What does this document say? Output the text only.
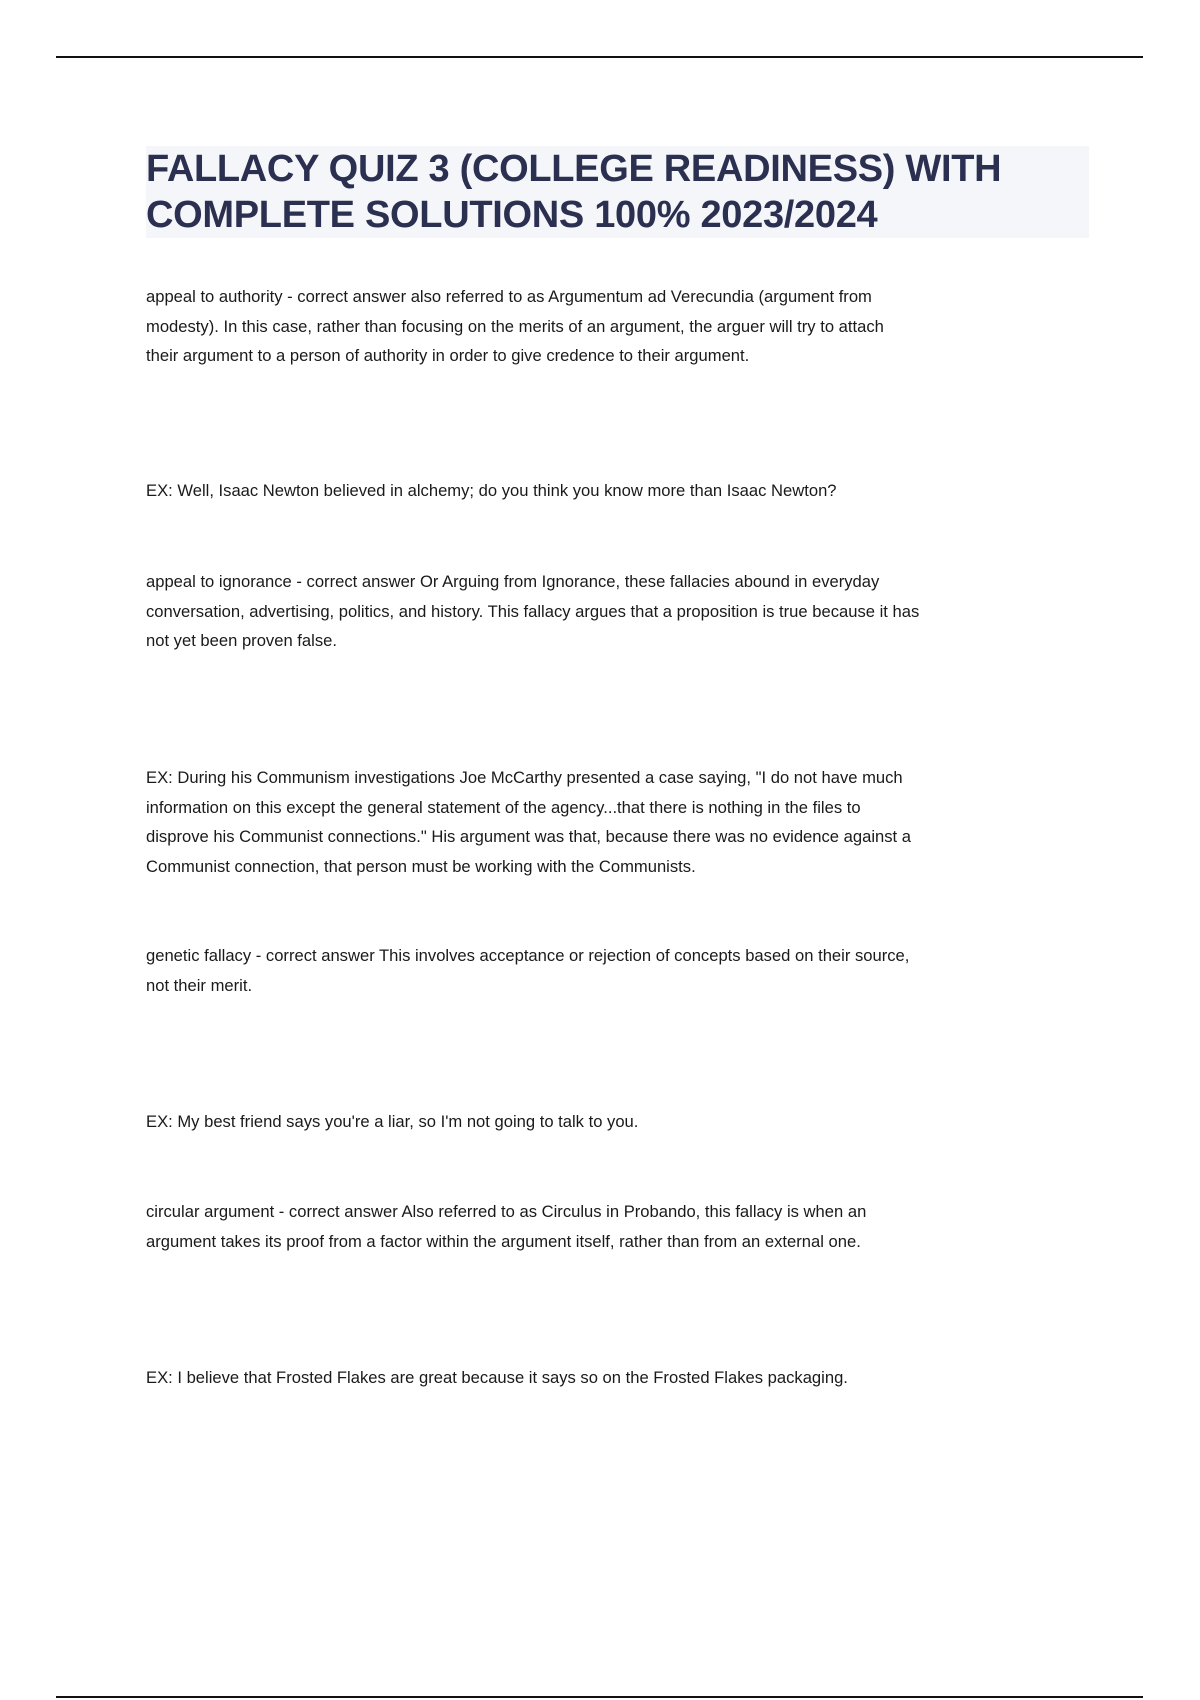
FALLACY QUIZ 3 (COLLEGE READINESS) WITH
COMPLETE SOLUTIONS 100% 2023/2024

appeal to authority - correct answer also referred to as Argumentum ad Verecundia (argument from
modesty). In this case, rather than focusing on the merits of an argument, the arguer will try to attach
their argument to a person of authority in order to give credence to their argument.

EX: Well, Isaac Newton believed in alchemy; do you think you know more than Isaac Newton?

appeal to ignorance - correct answer Or Arguing from Ignorance, these fallacies abound in everyday
conversation, advertising, politics, and history. This fallacy argues that a proposition is true because it has
not yet been proven false.

EX: During his Communism investigations Joe McCarthy presented a case saying, "I do not have much
information on this except the general statement of the agency...that there is nothing in the files to
disprove his Communist connections." His argument was that, because there was no evidence against a
Communist connection, that person must be working with the Communists.

genetic fallacy - correct answer This involves acceptance or rejection of concepts based on their source,
not their merit.

EX: My best friend says you're a liar, so I'm not going to talk to you.

circular argument - correct answer Also referred to as Circulus in Probando, this fallacy is when an
argument takes its proof from a factor within the argument itself, rather than from an external one.

EX: I believe that Frosted Flakes are great because it says so on the Frosted Flakes packaging.
